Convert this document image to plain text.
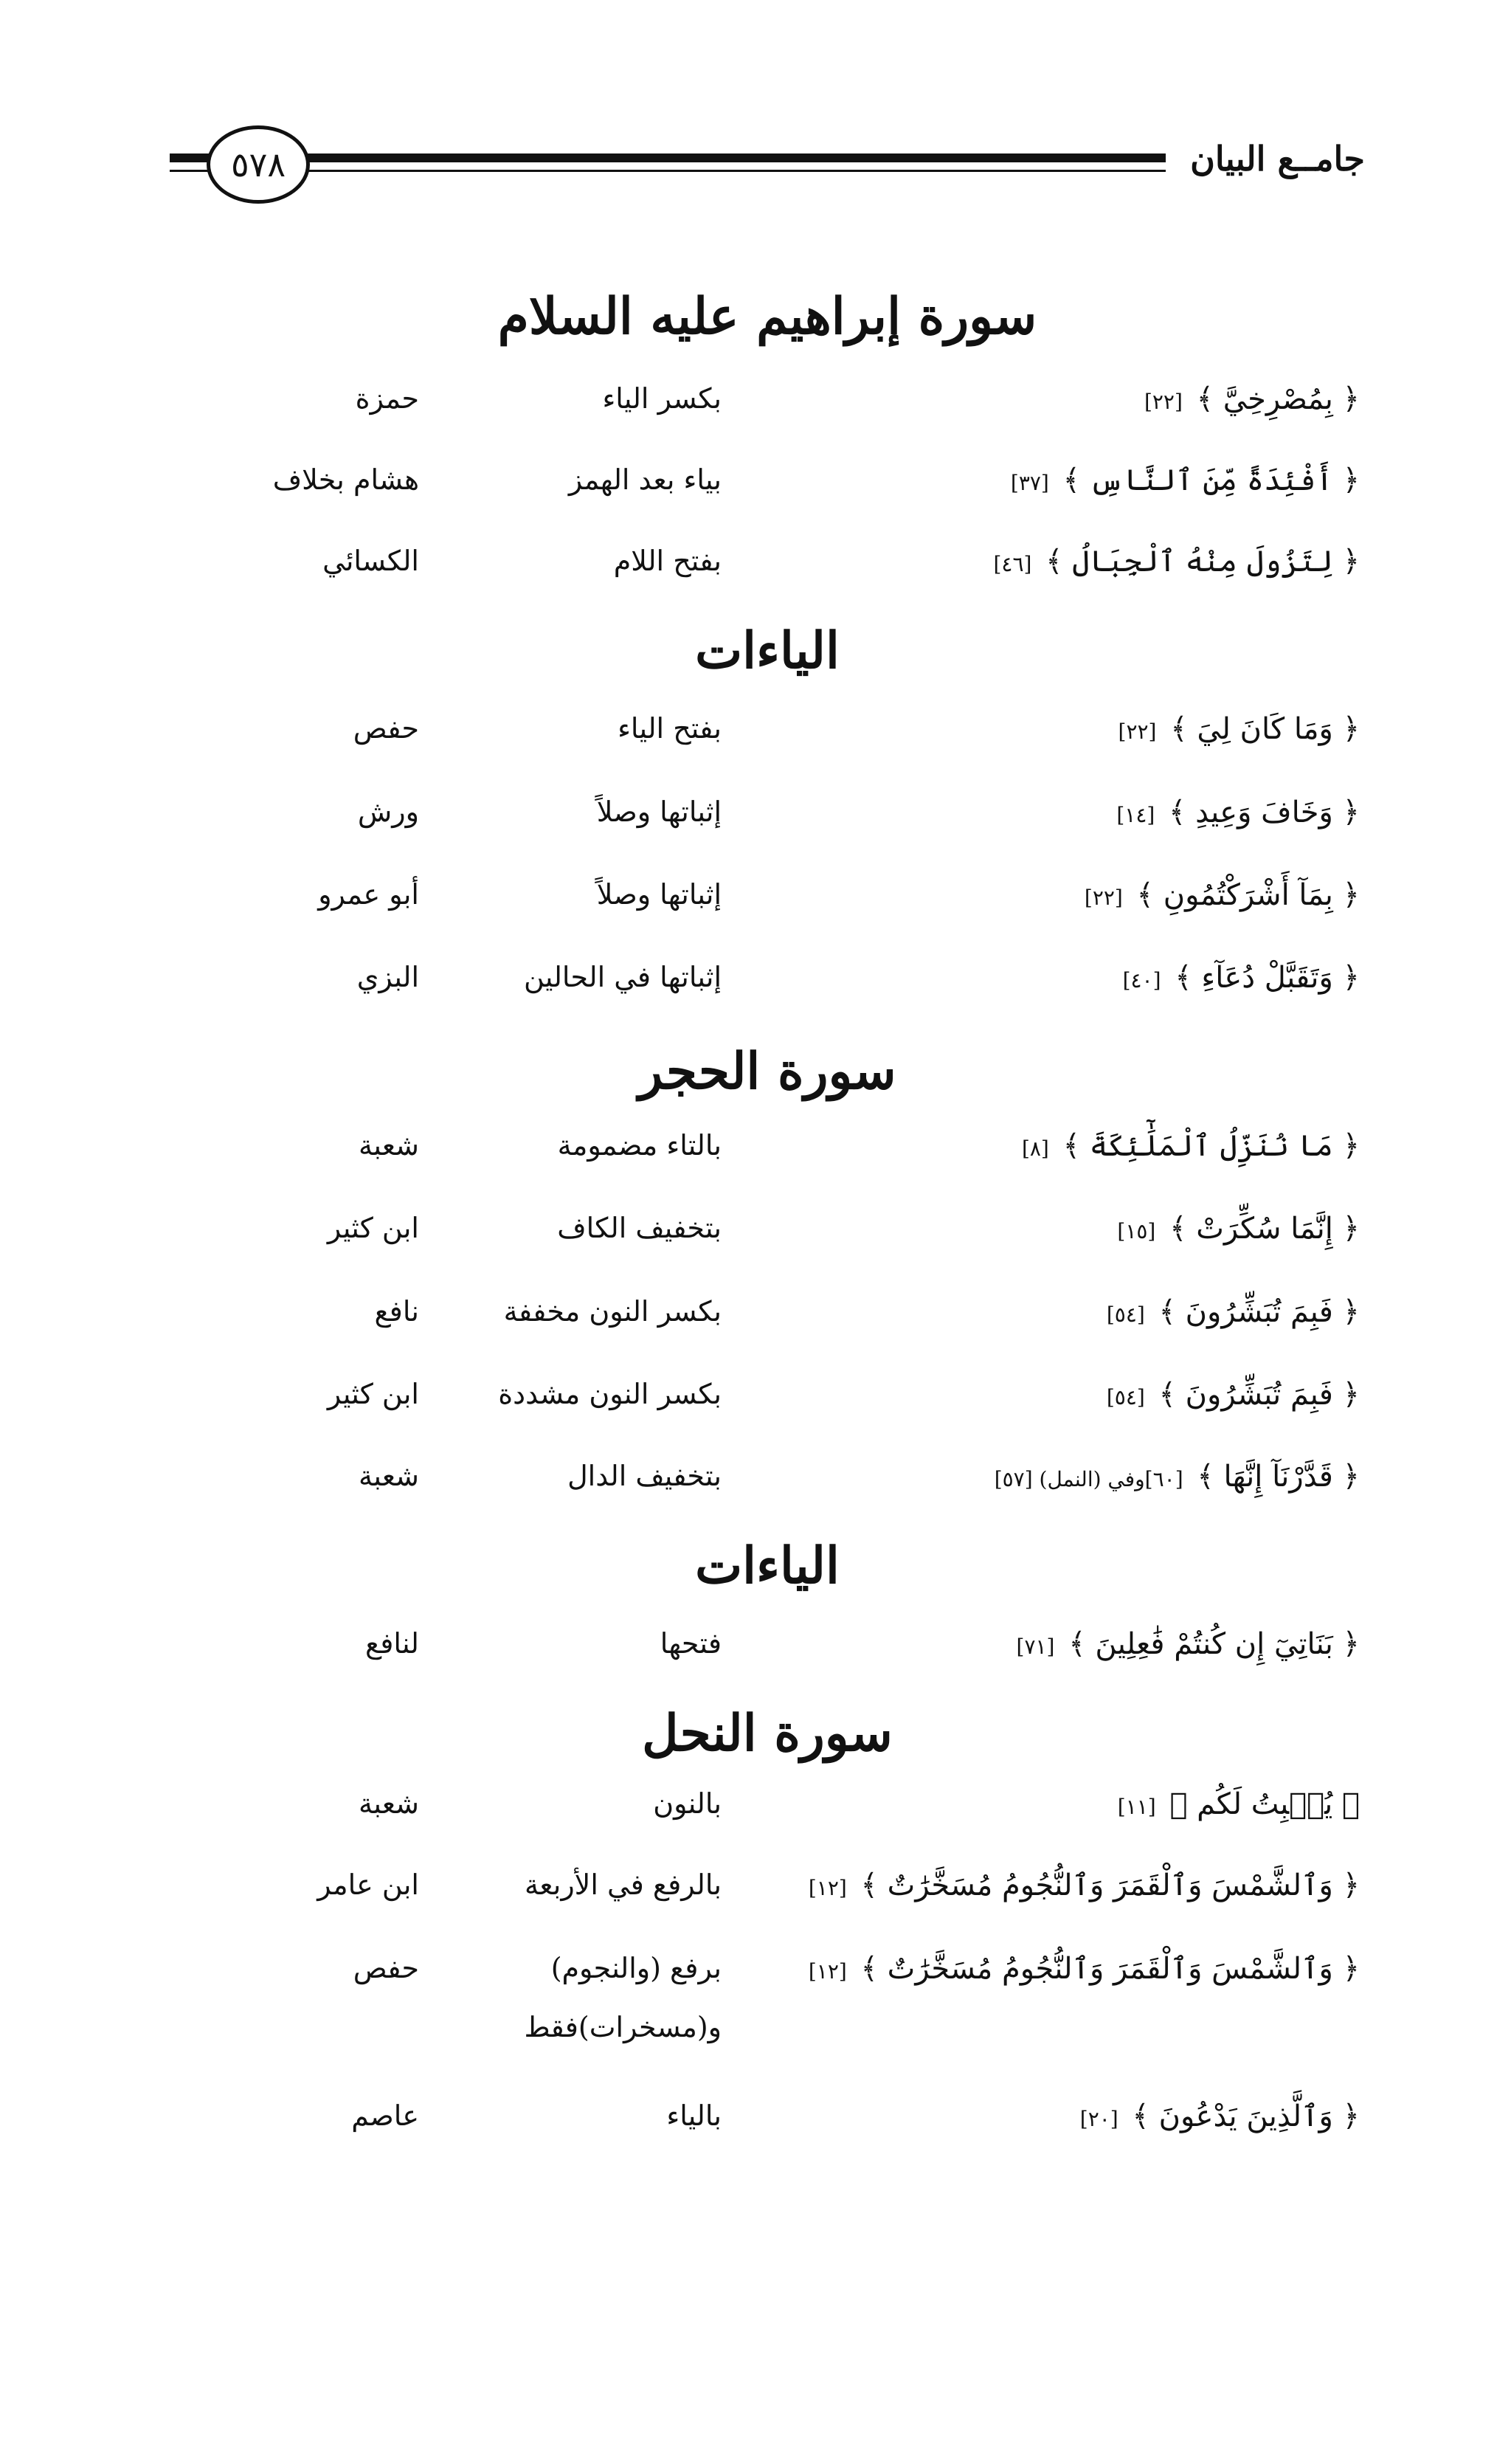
جامــع البيان
٥٧٨
سورة إبراهيم عليه السلام
﴿ بِمُصْرِخِيَّ ﴾ [٢٢]
بكسر الياء
حمزة
﴿ أَفْئِدَةً مِّنَ ٱلنَّاسِ ﴾ [٣٧]
بياء بعد الهمز
هشام بخلاف
﴿ لِتَزُولَ مِنْهُ ٱلْجِبَالُ ﴾ [٤٦]
بفتح اللام
الكسائي
الياءات
﴿ وَمَا كَانَ لِيَ ﴾ [٢٢]
بفتح الياء
حفص
﴿ وَخَافَ وَعِيدِ ﴾ [١٤]
إثباتها وصلاً
ورش
﴿ بِمَآ أَشْرَكْتُمُونِ ﴾ [٢٢]
إثباتها وصلاً
أبو عمرو
﴿ وَتَقَبَّلْ دُعَآءِ ﴾ [٤٠]
إثباتها في الحالين
البزي
سورة الحجر
﴿ مَا نُنَزِّلُ ٱلْمَلَٰٓئِكَةَ ﴾ [٨]
بالتاء مضمومة
شعبة
﴿ إِنَّمَا سُكِّرَتْ ﴾ [١٥]
بتخفيف الكاف
ابن كثير
﴿ فَبِمَ تُبَشِّرُونَ ﴾ [٥٤]
بكسر النون مخففة
نافع
﴿ فَبِمَ تُبَشِّرُونَ ﴾ [٥٤]
بكسر النون مشددة
ابن كثير
﴿ قَدَّرْنَآ إِنَّهَا ﴾ [٦٠]وفي (النمل) [٥٧]
بتخفيف الدال
شعبة
الياءات
﴿ بَنَاتِيٓ إِن كُنتُمْ فَٰعِلِينَ ﴾ [٧١]
فتحها
لنافع
سورة النحل
﴿ يُنۢبِتُ لَكُم ﴾ [١١]
بالنون
شعبة
﴿ وَٱلشَّمْسَ وَٱلْقَمَرَ وَٱلنُّجُومُ مُسَخَّرَٰتٌ ﴾ [١٢]
بالرفع في الأربعة
ابن عامر
﴿ وَٱلشَّمْسَ وَٱلْقَمَرَ وَٱلنُّجُومُ مُسَخَّرَٰتٌ ﴾ [١٢]
برفع (والنجوم)
و(مسخرات)فقط
حفص
﴿ وَٱلَّذِينَ يَدْعُونَ ﴾ [٢٠]
بالياء
عاصم
